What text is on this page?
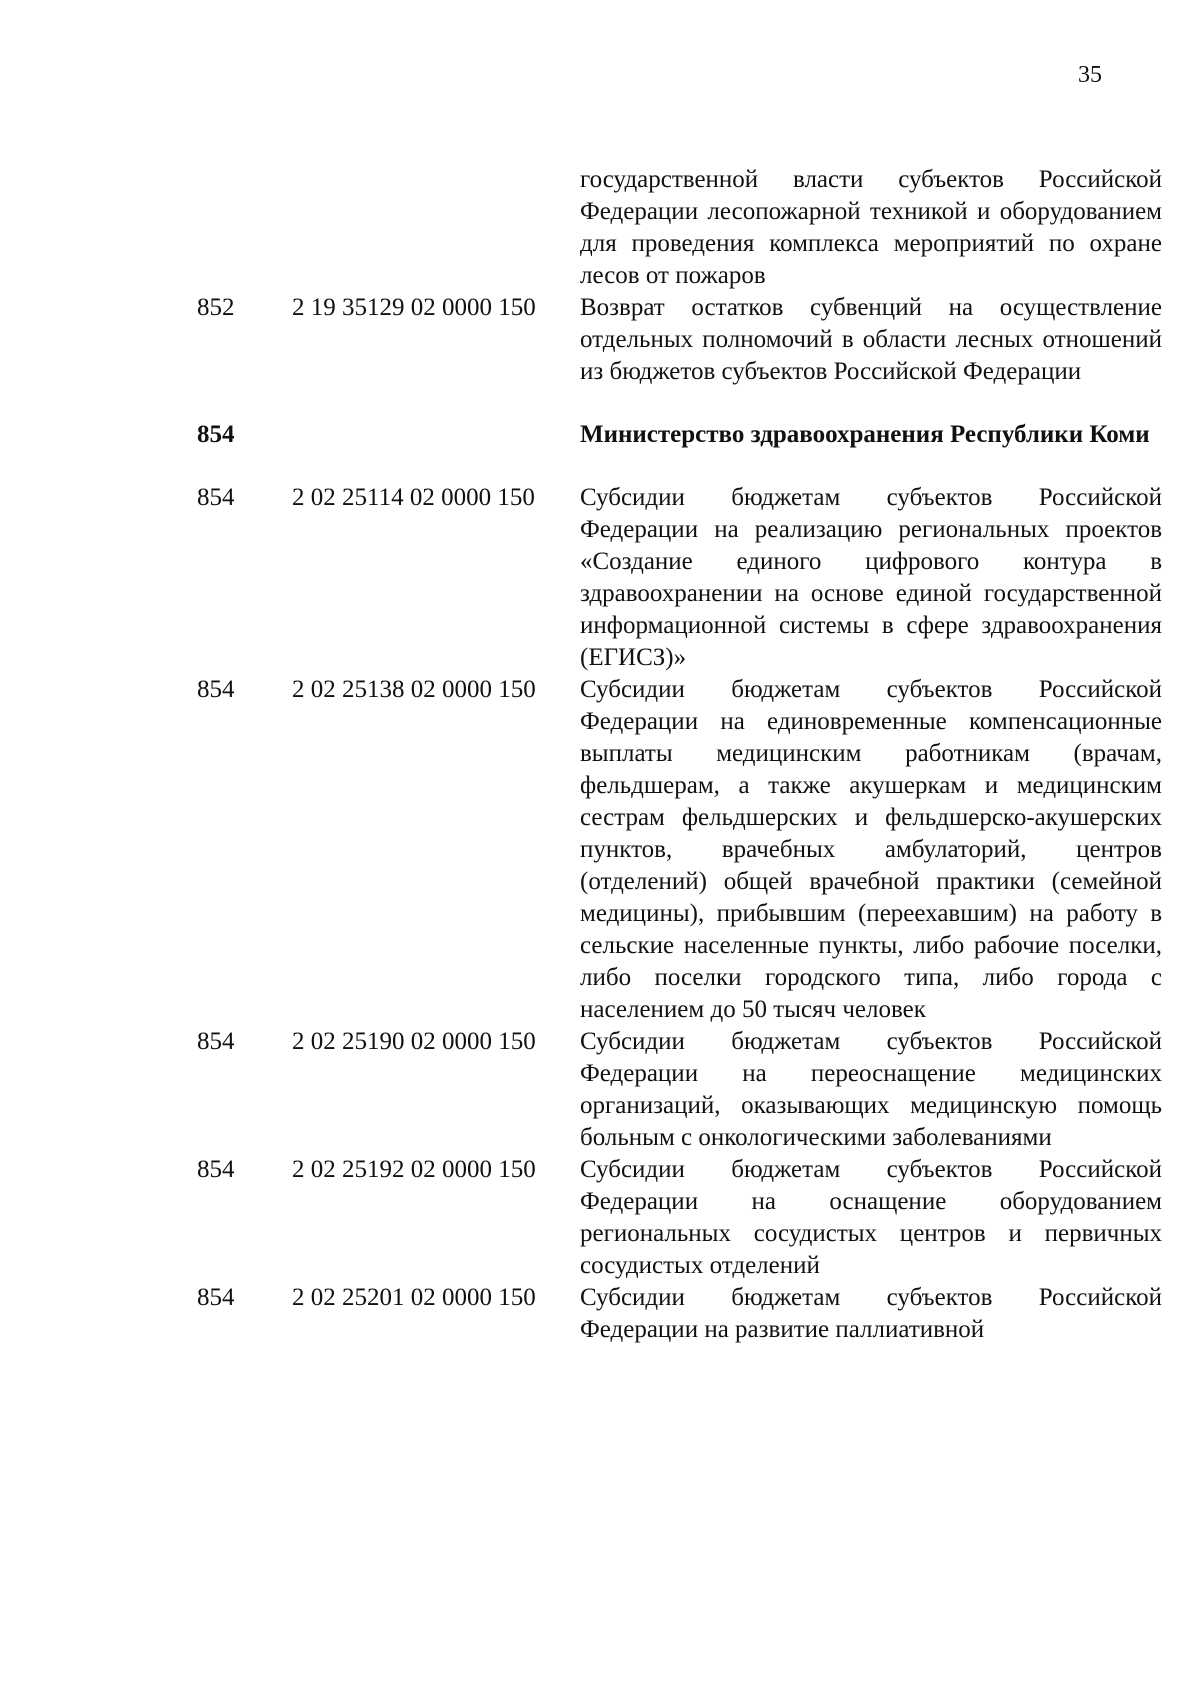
35
государственной власти субъектов Российской Федерации лесопожарной техникой и оборудованием для проведения комплекса мероприятий по охране лесов от пожаров
852 2 19 35129 02 0000 150 Возврат остатков субвенций на осуществление отдельных полномочий в области лесных отношений из бюджетов субъектов Российской Федерации
854	Министерство здравоохранения Республики Коми
854 2 02 25114 02 0000 150 Субсидии бюджетам субъектов Российской Федерации на реализацию региональных проектов «Создание единого цифрового контура в здравоохранении на основе единой государственной информационной системы в сфере здравоохранения (ЕГИСЗ)»
854 2 02 25138 02 0000 150 Субсидии бюджетам субъектов Российской Федерации на единовременные компенсационные выплаты медицинским работникам (врачам, фельдшерам, а также акушеркам и медицинским сестрам фельдшерских и фельдшерско-акушерских пунктов, врачебных амбулаторий, центров (отделений) общей врачебной практики (семейной медицины), прибывшим (переехавшим) на работу в сельские населенные пункты, либо рабочие поселки, либо поселки городского типа, либо города с населением до 50 тысяч человек
854 2 02 25190 02 0000 150 Субсидии бюджетам субъектов Российской Федерации на переоснащение медицинских организаций, оказывающих медицинскую помощь больным с онкологическими заболеваниями
854 2 02 25192 02 0000 150 Субсидии бюджетам субъектов Российской Федерации на оснащение оборудованием региональных сосудистых центров и первичных сосудистых отделений
854 2 02 25201 02 0000 150 Субсидии бюджетам субъектов Российской Федерации на развитие паллиативной
